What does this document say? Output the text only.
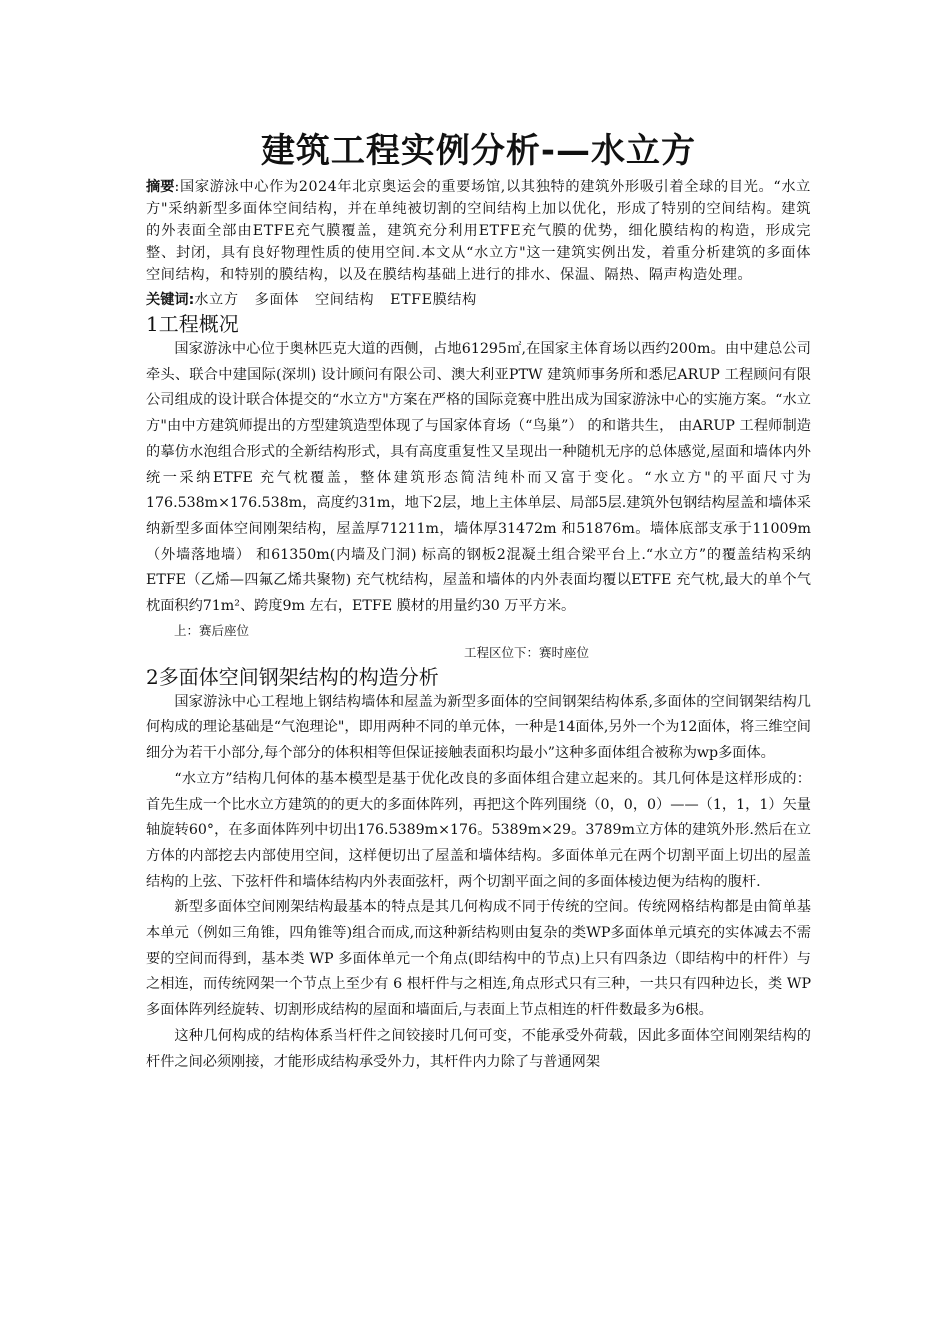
建筑工程实例分析-—水立方

摘要:国家游泳中心作为2024年北京奥运会的重要场馆,以其独特的建筑外形吸引着全球的目光。“水立方"采纳新型多面体空间结构，并在单纯被切割的空间结构上加以优化，形成了特别的空间结构。建筑的外表面全部由ETFE充气膜覆盖，建筑充分利用ETFE充气膜的优势，细化膜结构的构造，形成完整、封闭，具有良好物理性质的使用空间.本文从“水立方"这一建筑实例出发，着重分析建筑的多面体空间结构，和特别的膜结构，以及在膜结构基础上进行的排水、保温、隔热、隔声构造处理。

关键词:水立方 多面体 空间结构 ETFE膜结构

1工程概况

国家游泳中心位于奥林匹克大道的西侧，占地61295㎡,在国家主体育场以西约200m。由中建总公司牵头、联合中建国际(深圳) 设计顾问有限公司、澳大利亚PTW 建筑师事务所和悉尼ARUP 工程顾问有限公司组成的设计联合体提交的“水立方"方案在严格的国际竞赛中胜出成为国家游泳中心的实施方案。“水立方"由中方建筑师提出的方型建筑造型体现了与国家体育场（“鸟巢”） 的和谐共生， 由ARUP 工程师制造的摹仿水泡组合形式的全新结构形式，具有高度重复性又呈现出一种随机无序的总体感觉,屋面和墙体内外统一采纳ETFE 充气枕覆盖，整体建筑形态简洁纯朴而又富于变化。“水立方"的平面尺寸为176.538m×176.538m，高度约31m，地下2层，地上主体单层、局部5层.建筑外包钢结构屋盖和墙体采纳新型多面体空间刚架结构，屋盖厚71211m，墙体厚31472m 和51876m。墙体底部支承于11009m（外墙落地墙） 和61350m(内墙及门洞) 标高的钢板2混凝土组合梁平台上.“水立方”的覆盖结构采纳ETFE（乙烯—四氟乙烯共聚物) 充气枕结构，屋盖和墙体的内外表面均覆以ETFE 充气枕,最大的单个气枕面积约71m²、跨度9m 左右，ETFE 膜材的用量约30 万平方米。

上：赛后座位

工程区位下：赛时座位

2多面体空间钢架结构的构造分析

国家游泳中心工程地上钢结构墙体和屋盖为新型多面体的空间钢架结构体系,多面体的空间钢架结构几何构成的理论基础是“气泡理论"，即用两种不同的单元体，一种是14面体,另外一个为12面体，将三维空间细分为若干小部分,每个部分的体积相等但保证接触表面积均最小”这种多面体组合被称为wp多面体。

“水立方”结构几何体的基本模型是基于优化改良的多面体组合建立起来的。其几何体是这样形成的：首先生成一个比水立方建筑的的更大的多面体阵列，再把这个阵列围绕（0，0，0）——（1，1，1）矢量轴旋转60°，在多面体阵列中切出176.5389m×176。5389m×29。3789m立方体的建筑外形.然后在立方体的内部挖去内部使用空间，这样便切出了屋盖和墙体结构。多面体单元在两个切割平面上切出的屋盖结构的上弦、下弦杆件和墙体结构内外表面弦杆，两个切割平面之间的多面体棱边便为结构的腹杆.

新型多面体空间刚架结构最基本的特点是其几何构成不同于传统的空间。传统网格结构都是由简单基本单元（例如三角锥，四角锥等)组合而成,而这种新结构则由复杂的类WP多面体单元填充的实体减去不需要的空间而得到，基本类 WP 多面体单元一个角点(即结构中的节点)上只有四条边（即结构中的杆件）与之相连，而传统网架一个节点上至少有 6 根杆件与之相连,角点形式只有三种，一共只有四种边长，类 WP 多面体阵列经旋转、切割形成结构的屋面和墙面后,与表面上节点相连的杆件数最多为6根。

这种几何构成的结构体系当杆件之间铰接时几何可变，不能承受外荷载，因此多面体空间刚架结构的杆件之间必须刚接，才能形成结构承受外力，其杆件内力除了与普通网架
